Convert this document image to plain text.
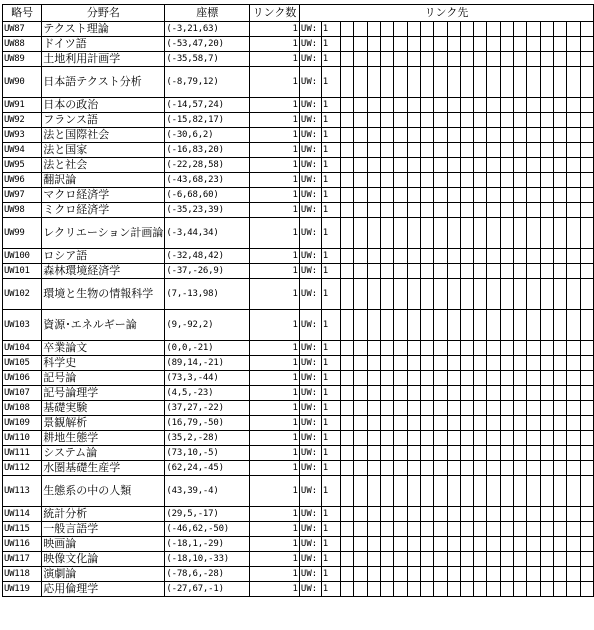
略号	分野名	座標	リンク数	リンク先																				
UW87	テクスト理論	(-3,21,63)	1	UW:	1																			
UW88	ドイツ語	(-53,47,20)	1	UW:	1																			
UW89	土地利用計画学	(-35,58,7)	1	UW:	1																			
UW90	日本語テクスト分析	(-8,79,12)	1	UW:	1																			
UW91	日本の政治	(-14,57,24)	1	UW:	1																			
UW92	フランス語	(-15,82,17)	1	UW:	1																			
UW93	法と国際社会	(-30,6,2)	1	UW:	1																			
UW94	法と国家	(-16,83,20)	1	UW:	1																			
UW95	法と社会	(-22,28,58)	1	UW:	1																			
UW96	翻訳論	(-43,68,23)	1	UW:	1																			
UW97	マクロ経済学	(-6,68,60)	1	UW:	1																			
UW98	ミクロ経済学	(-35,23,39)	1	UW:	1																			
UW99	レクリエーション計画論	(-3,44,34)	1	UW:	1																			
UW100	ロシア語	(-32,48,42)	1	UW:	1																			
UW101	森林環境経済学	(-37,-26,9)	1	UW:	1																			
UW102	環境と生物の情報科学	(7,-13,98)	1	UW:	1																			
UW103	資源･エネルギー論	(9,-92,2)	1	UW:	1																			
UW104	卒業論文	(0,0,-21)	1	UW:	1																			
UW105	科学史	(89,14,-21)	1	UW:	1																			
UW106	記号論	(73,3,-44)	1	UW:	1																			
UW107	記号論理学	(4,5,-23)	1	UW:	1																			
UW108	基礎実験	(37,27,-22)	1	UW:	1																			
UW109	景観解析	(16,79,-50)	1	UW:	1																			
UW110	耕地生態学	(35,2,-28)	1	UW:	1																			
UW111	システム論	(73,10,-5)	1	UW:	1																			
UW112	水圏基礎生産学	(62,24,-45)	1	UW:	1																			
UW113	生態系の中の人類	(43,39,-4)	1	UW:	1																			
UW114	統計分析	(29,5,-17)	1	UW:	1																			
UW115	一般言語学	(-46,62,-50)	1	UW:	1																			
UW116	映画論	(-18,1,-29)	1	UW:	1																			
UW117	映像文化論	(-18,10,-33)	1	UW:	1																			
UW118	演劇論	(-78,6,-28)	1	UW:	1																			
UW119	応用倫理学	(-27,67,-1)	1	UW:	1																			
